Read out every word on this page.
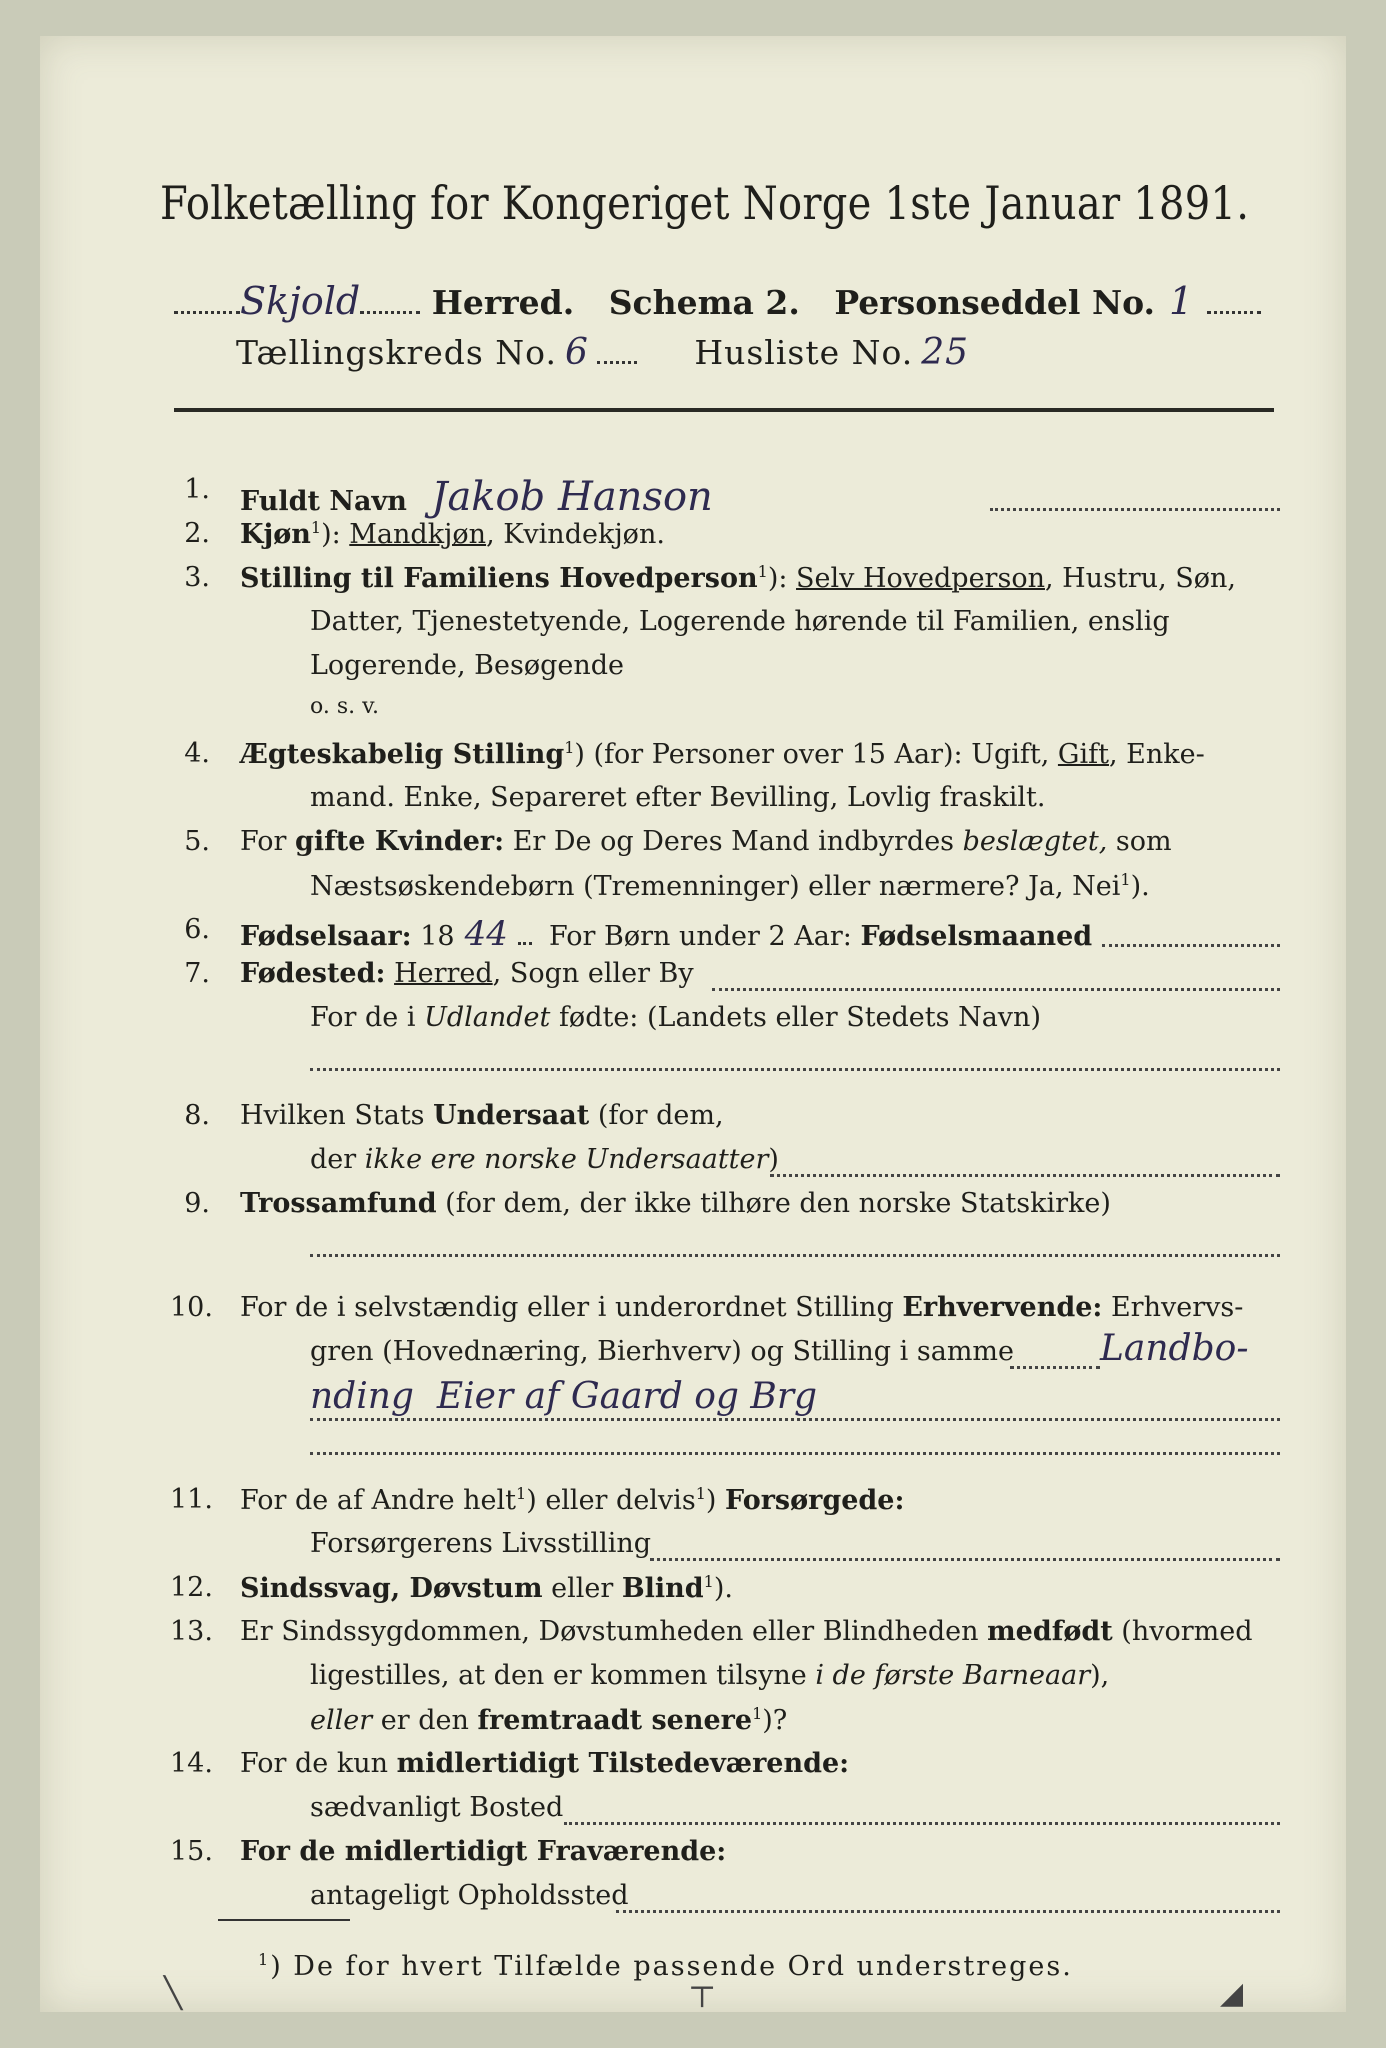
Folketælling for Kongeriget Norge 1ste Januar 1891.
Skjold Herred. Schema 2. Personseddel No. 1
Tællingskreds No. 6	Husliste No. 25
1. Fuldt Navn Jakob Hanson
2. Kjøn$^1$): Mandkjøn, Kvindekjøn.
3. Stilling til Familiens Hovedperson$^1$): Selv Hovedperson, Hustru, Søn,
Datter, Tjenestetyende, Logerende hørende til Familien, enslig
Logerende, Besøgende
o. s. v.
4. Ægteskabelig Stilling$^1$) (for Personer over 15 Aar): Ugift, Gift, Enke-
mand. Enke, Separeret efter Bevilling, Lovlig fraskilt.
5. For gifte Kvinder: Er De og Deres Mand indbyrdes beslægtet, som
Næstsøskendebørn (Tremenninger) eller nærmere? Ja, Nei$^1$).
6. Fødselsaar: 18 44 For Børn under 2 Aar: Fødselsmaaned
7. Fødested: Herred, Sogn eller By
For de i Udlandet fødte: (Landets eller Stedets Navn)
8. Hvilken Stats Undersaat (for dem,
der ikke ere norske Undersaatter)
9. Trossamfund (for dem, der ikke tilhøre den norske Statskirke)
10. For de i selvstændig eller i underordnet Stilling Erhvervende: Erhvervs-
gren (Hovednæring, Bierhverv) og Stilling i samme Landbo-
nding  Eier af Gaard og Brg
11. For de af Andre helt$^1$) eller delvis$^1$) Forsørgede:
Forsørgerens Livsstilling
12. Sindssvag, Døvstum eller Blind$^1$).
13. Er Sindssygdommen, Døvstumheden eller Blindheden medfødt (hvormed
ligestilles, at den er kommen tilsyne i de første Barneaar),
eller er den fremtraadt senere$^1$)?
14. For de kun midlertidigt Tilstedeværende:
sædvanligt Bosted
15. For de midlertidigt Fraværende:
antageligt Opholdssted
$^1$) De for hvert Tilfælde passende Ord understreges.
╲	⊤	◢
